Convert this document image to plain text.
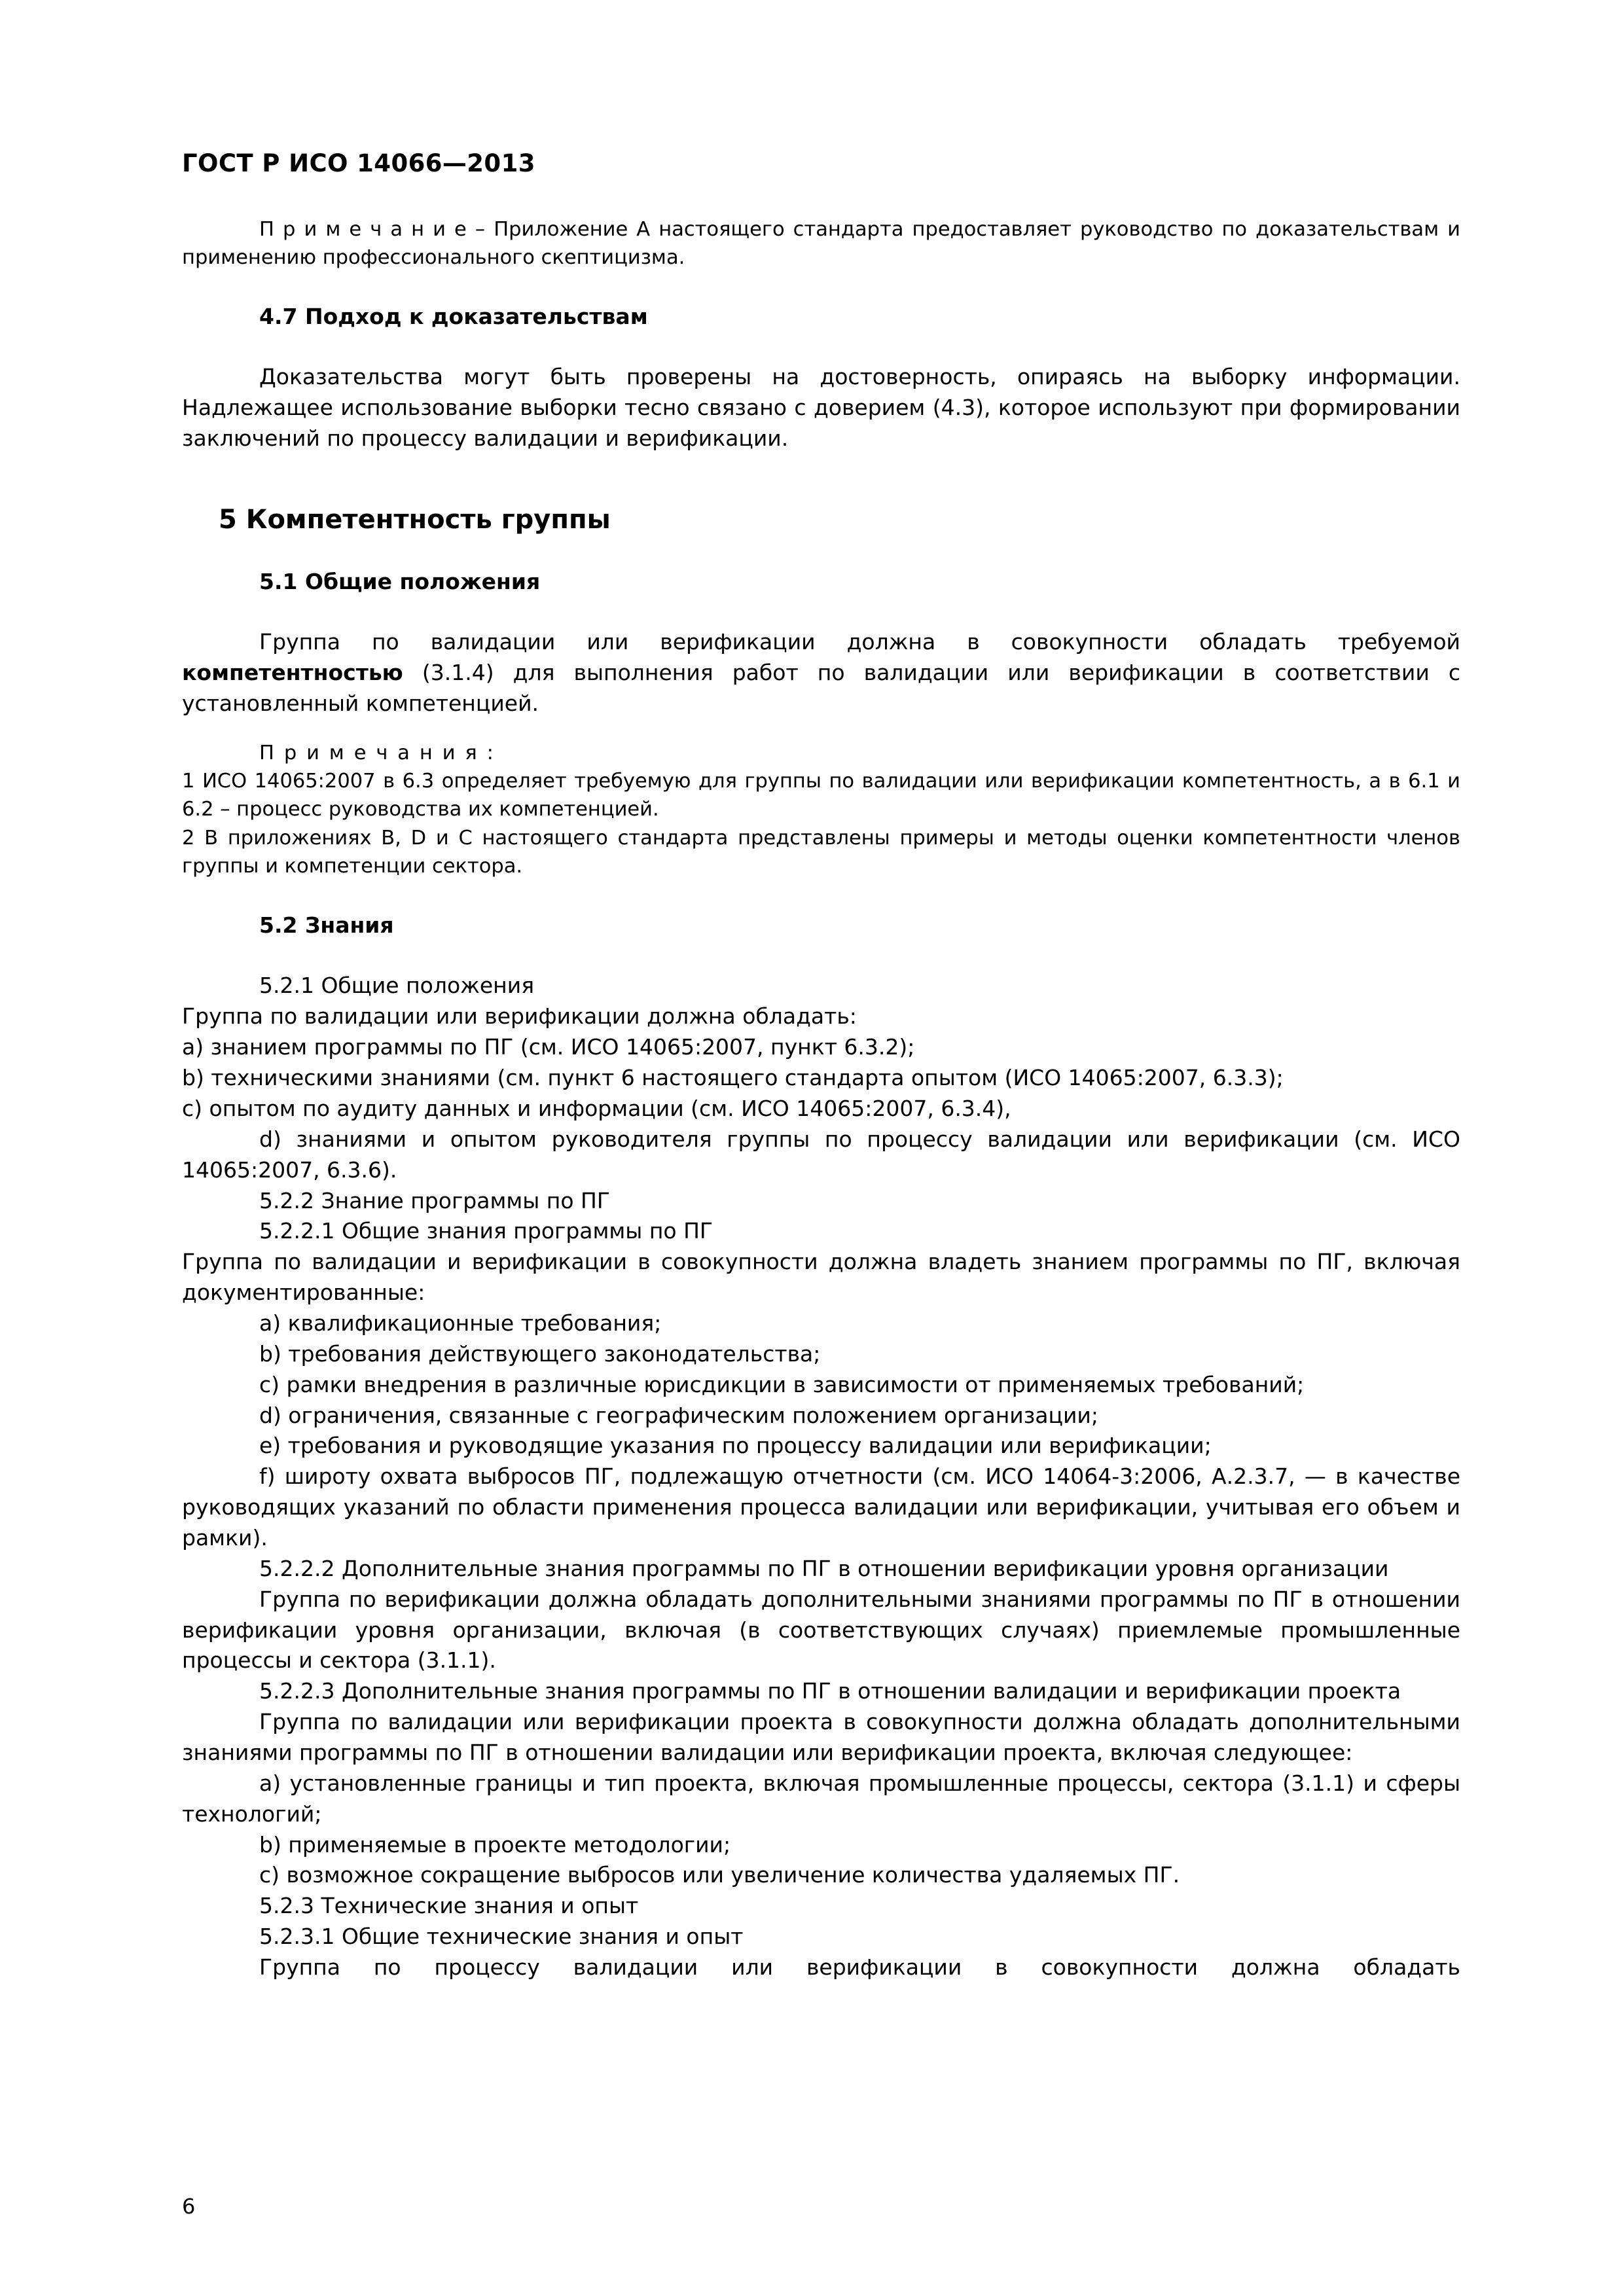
ГОСТ Р ИСО 14066—2013

П р и м е ч а н и е – Приложение А настоящего стандарта предоставляет руководство по доказательствам и применению профессионального скептицизма.

4.7 Подход к доказательствам

Доказательства могут быть проверены на достоверность, опираясь на выборку информации. Надлежащее использование выборки тесно связано с доверием (4.3), которое используют при формировании заключений по процессу валидации и верификации.

5 Компетентность группы
5.1 Общие положения

Группа по валидации или верификации должна в совокупности обладать требуемой компетентностью (3.1.4) для выполнения работ по валидации или верификации в соответствии с установленный компетенцией.

П р и м е ч а н и я :

1 ИСО 14065:2007 в 6.3 определяет требуемую для группы по валидации или верификации компетентность, а в 6.1 и 6.2 – процесс руководства их компетенцией.

2 В приложениях B, D и C настоящего стандарта представлены примеры и методы оценки компетентности членов группы и компетенции сектора.

5.2 Знания

5.2.1 Общие положения

Группа по валидации или верификации должна обладать:

a) знанием программы по ПГ (см. ИСО 14065:2007, пункт 6.3.2);

b) техническими знаниями (см. пункт 6 настоящего стандарта опытом (ИСО 14065:2007, 6.3.3);

c) опытом по аудиту данных и информации (см. ИСО 14065:2007, 6.3.4),

d) знаниями и опытом руководителя группы по процессу валидации или верификации (см. ИСО 14065:2007, 6.3.6).

5.2.2 Знание программы по ПГ

5.2.2.1 Общие знания программы по ПГ

Группа по валидации и верификации в совокупности должна владеть знанием программы по ПГ, включая документированные:

a) квалификационные требования;

b) требования действующего законодательства;

c) рамки внедрения в различные юрисдикции в зависимости от применяемых требований;

d) ограничения, связанные с географическим положением организации;

e) требования и руководящие указания по процессу валидации или верификации;

f) широту охвата выбросов ПГ, подлежащую отчетности (см. ИСО 14064-3:2006, А.2.3.7, — в качестве руководящих указаний по области применения процесса валидации или верификации, учитывая его объем и рамки).

5.2.2.2 Дополнительные знания программы по ПГ в отношении верификации уровня организации

Группа по верификации должна обладать дополнительными знаниями программы по ПГ в отношении верификации уровня организации, включая (в соответствующих случаях) приемлемые промышленные процессы и сектора (3.1.1).

5.2.2.3 Дополнительные знания программы по ПГ в отношении валидации и верификации проекта

Группа по валидации или верификации проекта в совокупности должна обладать дополнительными знаниями программы по ПГ в отношении валидации или верификации проекта, включая следующее:

a) установленные границы и тип проекта, включая промышленные процессы, сектора (3.1.1) и сферы технологий;

b) применяемые в проекте методологии;

c) возможное сокращение выбросов или увеличение количества удаляемых ПГ.

5.2.3 Технические знания и опыт

5.2.3.1 Общие технические знания и опыт

Группа по процессу валидации или верификации в совокупности должна обладать

6
